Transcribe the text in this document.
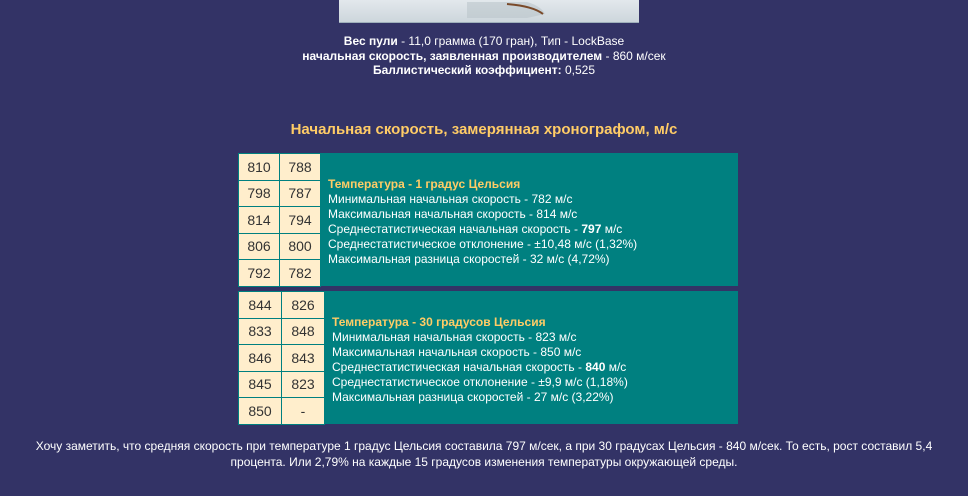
Вес пули - 11,0 грамма (170 гран), Тип - LockBase
начальная скорость, заявленная производителем - 860 м/сек
Баллистический коэффициент: 0,525
Начальная скорость, замерянная хронографом, м/с
810	788
798	787
814	794
806	800
792	782
Температура - 1 градус Цельсия
Минимальная начальная скорость - 782 м/с
Максимальная начальная скорость - 814 м/с
Среднестатистическая начальная скорость - 797 м/с
Среднестатистическое отклонение - ±10,48 м/с (1,32%)
Максимальная разница скоростей - 32 м/с (4,72%)
844	826
833	848
846	843
845	823
850	-
Температура - 30 градусов Цельсия
Минимальная начальная скорость - 823 м/с
Максимальная начальная скорость - 850 м/с
Среднестатистическая начальная скорость - 840 м/с
Среднестатистическое отклонение - ±9,9 м/с (1,18%)
Максимальная разница скоростей - 27 м/с (3,22%)
Хочу заметить, что средняя скорость при температуре 1 градус Цельсия составила 797 м/сек, а при 30 градусах Цельсия - 840 м/сек. То есть, рост составил 5,4 процента. Или 2,79% на каждые 15 градусов изменения температуры окружающей среды.
